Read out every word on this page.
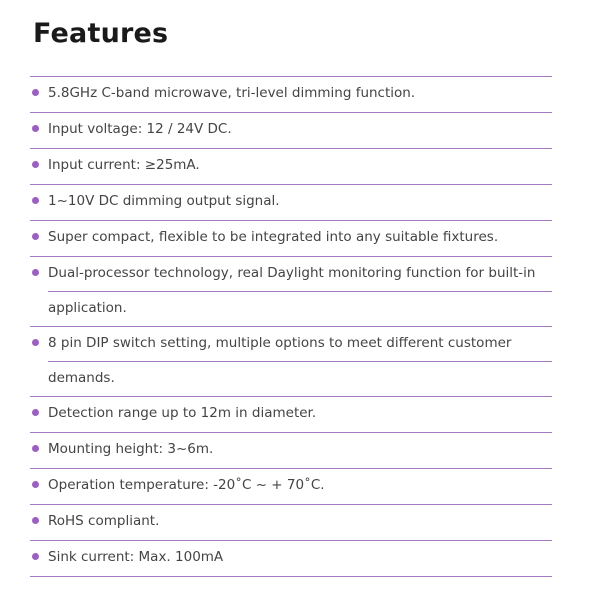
Features
5.8GHz C-band microwave, tri-level dimming function.
Input voltage: 12 / 24V DC.
Input current: ≥25mA.
1~10V DC dimming output signal.
Super compact, flexible to be integrated into any suitable fixtures.
Dual-processor technology, real Daylight monitoring function for built-in
application.
8 pin DIP switch setting, multiple options to meet different customer
demands.
Detection range up to 12m in diameter.
Mounting height: 3~6m.
Operation temperature: -20˚C ~ + 70˚C.
RoHS compliant.
Sink current: Max. 100mA
